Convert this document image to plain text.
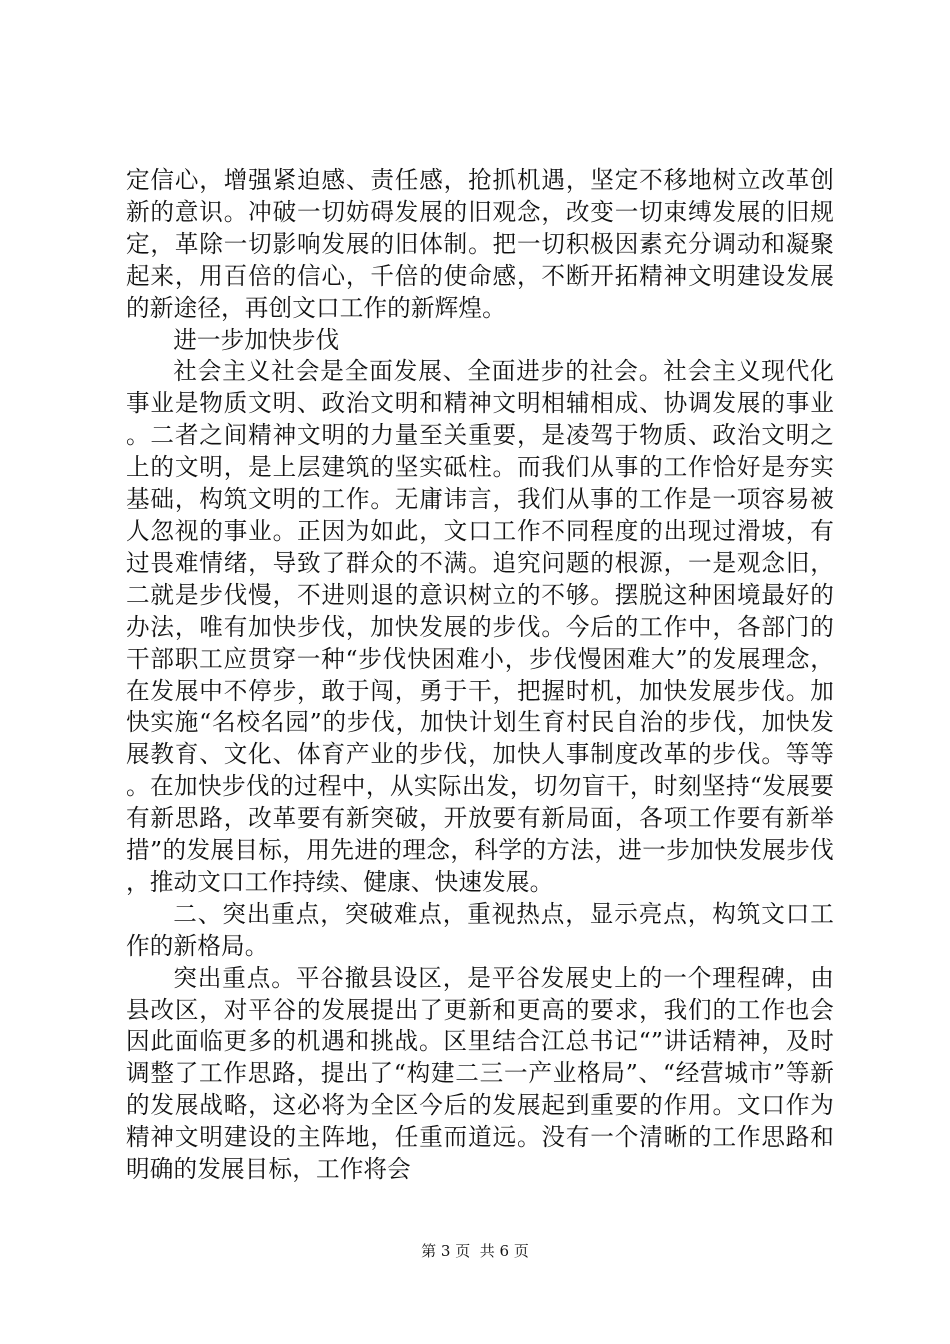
定信心，增强紧迫感、责任感，抢抓机遇，坚定不移地树立改革创新的意识。冲破一切妨碍发展的旧观念，改变一切束缚发展的旧规定，革除一切影响发展的旧体制。把一切积极因素充分调动和凝聚起来，用百倍的信心，千倍的使命感，不断开拓精神文明建设发展的新途径，再创文口工作的新辉煌。

进一步加快步伐

社会主义社会是全面发展、全面进步的社会。社会主义现代化事业是物质文明、政治文明和精神文明相辅相成、协调发展的事业。二者之间精神文明的力量至关重要，是凌驾于物质、政治文明之上的文明，是上层建筑的坚实砥柱。而我们从事的工作恰好是夯实基础，构筑文明的工作。无庸讳言，我们从事的工作是一项容易被人忽视的事业。正因为如此，文口工作不同程度的出现过滑坡，有过畏难情绪，导致了群众的不满。追究问题的根源，一是观念旧，二就是步伐慢，不进则退的意识树立的不够。摆脱这种困境最好的办法，唯有加快步伐，加快发展的步伐。今后的工作中，各部门的干部职工应贯穿一种“步伐快困难小，步伐慢困难大”的发展理念，在发展中不停步，敢于闯，勇于干，把握时机，加快发展步伐。加快实施“名校名园”的步伐，加快计划生育村民自治的步伐，加快发展教育、文化、体育产业的步伐，加快人事制度改革的步伐。等等。在加快步伐的过程中，从实际出发，切勿盲干，时刻坚持“发展要有新思路，改革要有新突破，开放要有新局面，各项工作要有新举措”的发展目标，用先进的理念，科学的方法，进一步加快发展步伐，推动文口工作持续、健康、快速发展。

二、突出重点，突破难点，重视热点，显示亮点，构筑文口工作的新格局。

突出重点。平谷撤县设区，是平谷发展史上的一个理程碑，由县改区，对平谷的发展提出了更新和更高的要求，我们的工作也会因此面临更多的机遇和挑战。区里结合江总书记“”讲话精神，及时调整了工作思路，提出了“构建二三一产业格局”、“经营城市”等新的发展战略，这必将为全区今后的发展起到重要的作用。文口作为精神文明建设的主阵地，任重而道远。没有一个清晰的工作思路和明确的发展目标，工作将会

第 3 页  共 6 页
